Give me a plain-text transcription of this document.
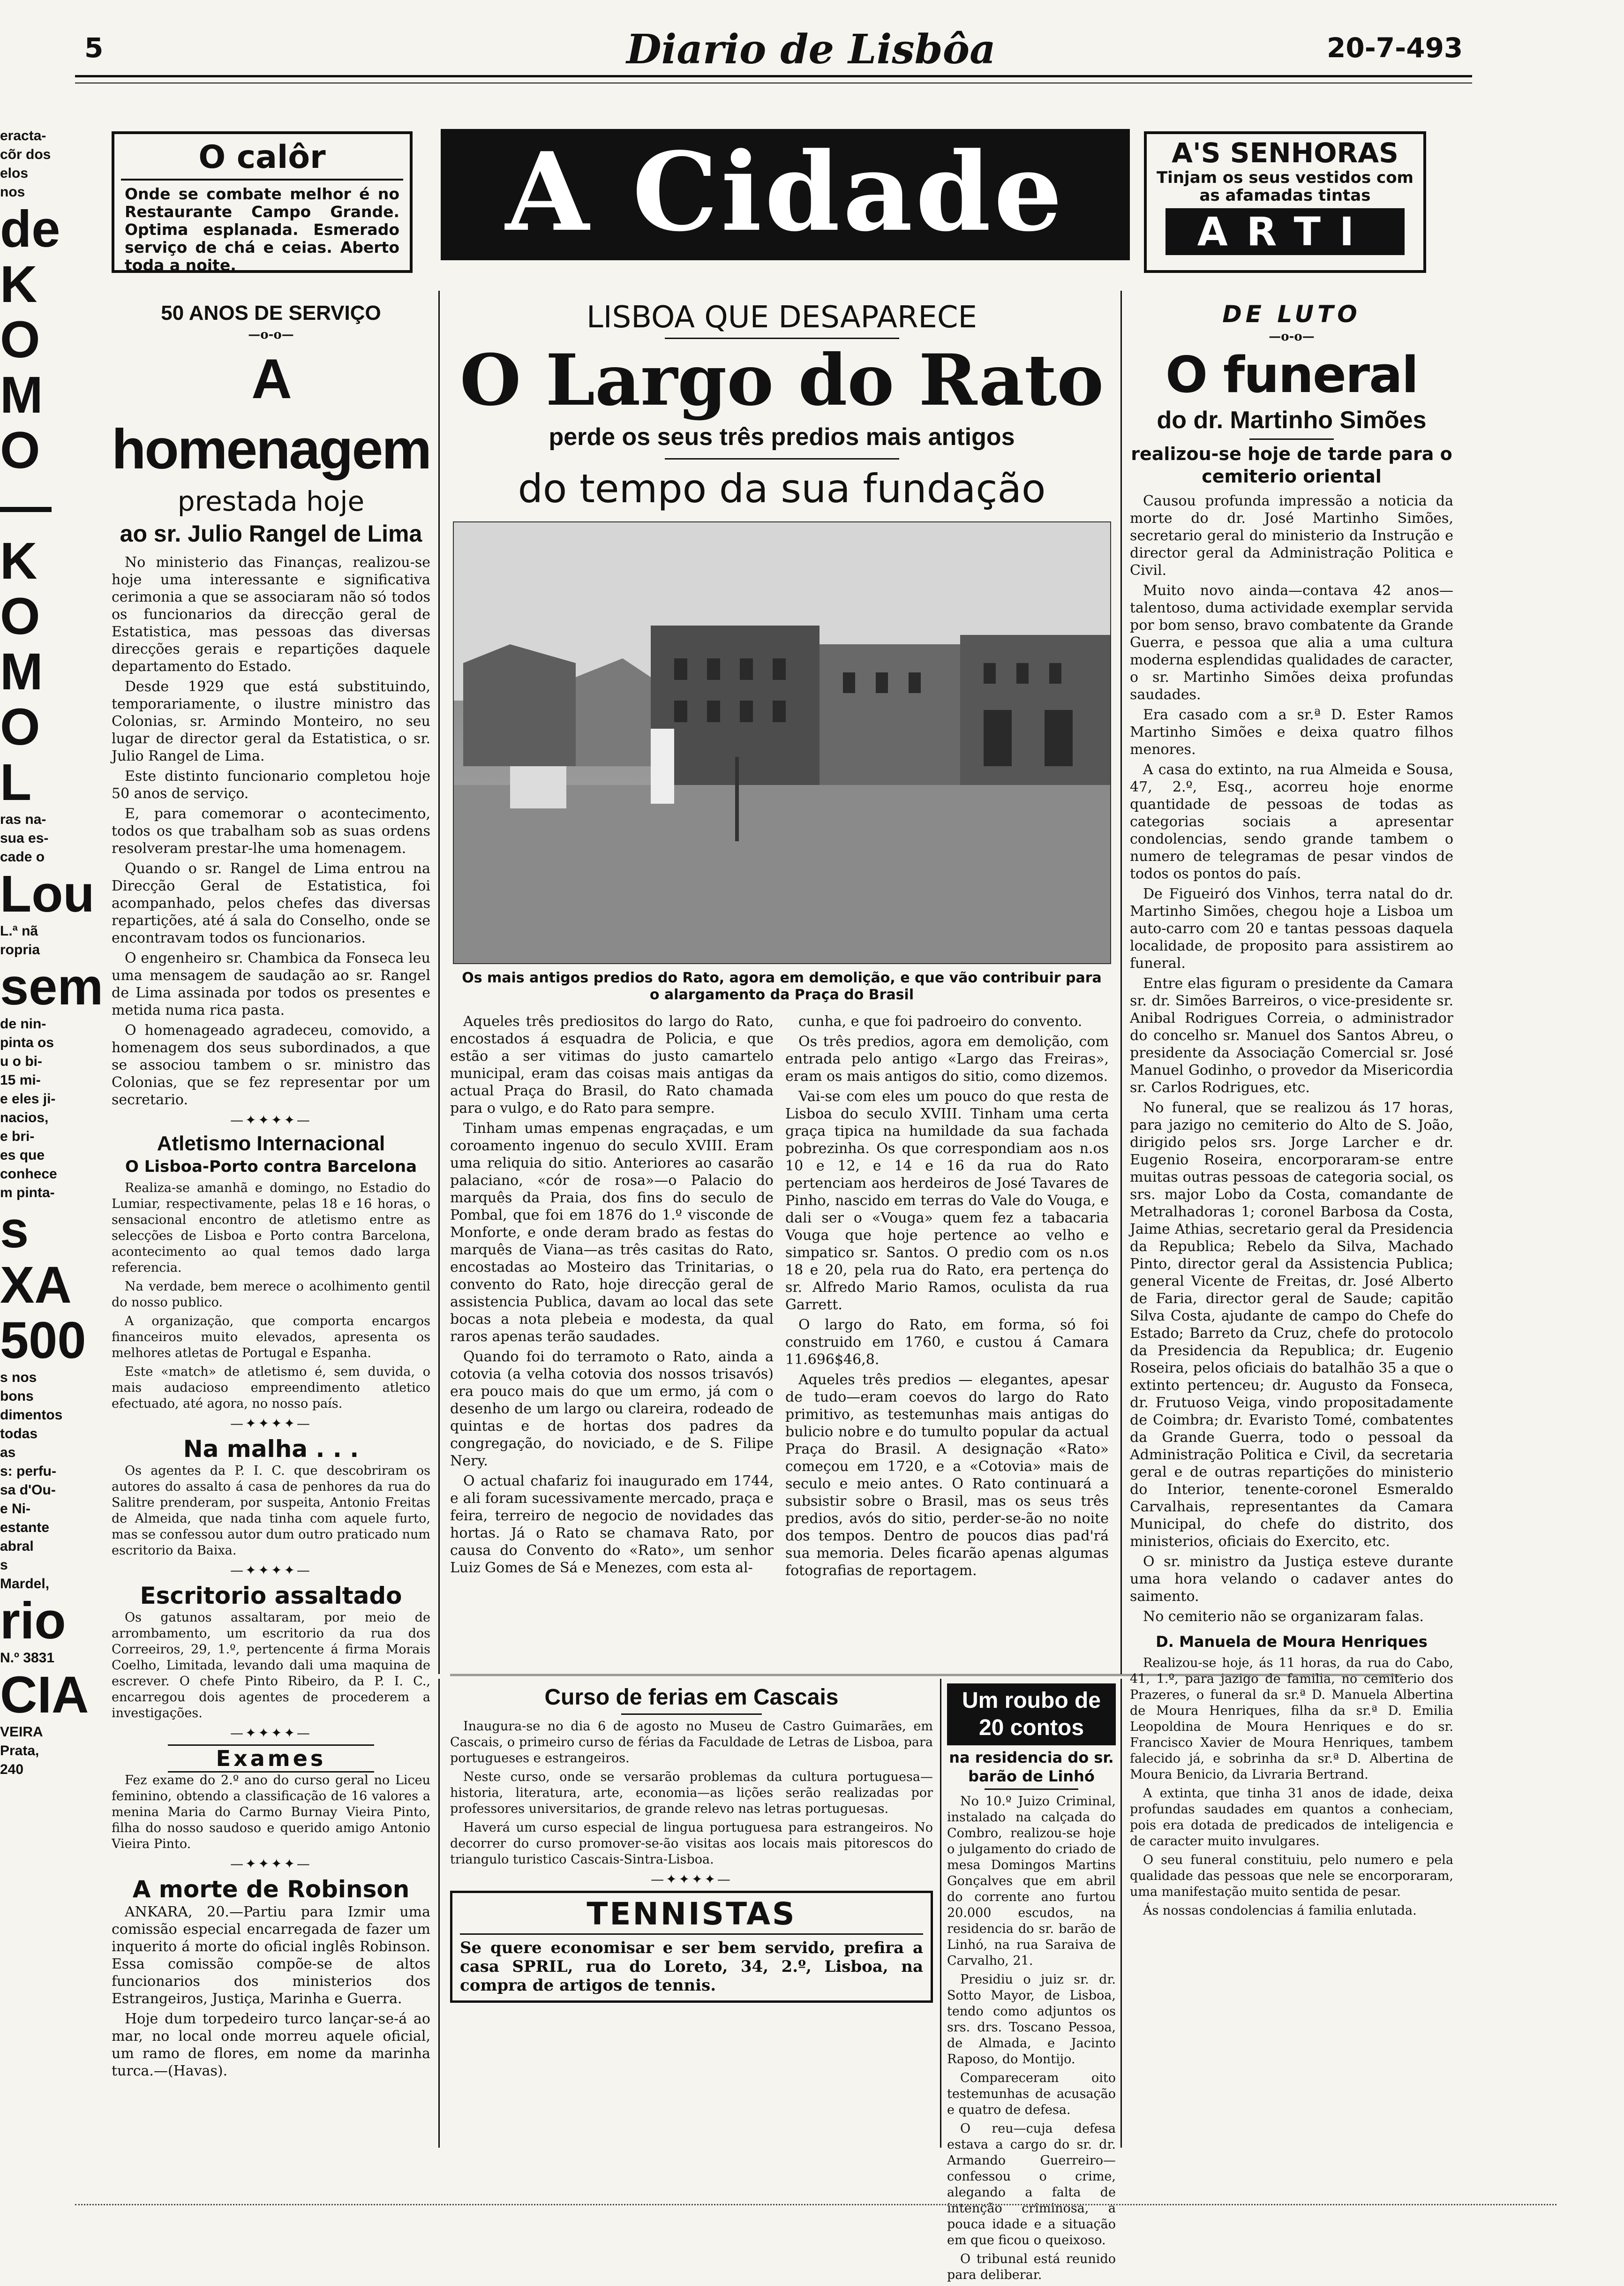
eracta-
cõr dos
elos nos
de
K
O
M
O
—
K
O
M
O
L
ras na-
sua es-
cade o
Lou
L.ª nã
ropria
sem
de nin-
pinta os
u o bi-
15 mi-
e eles ji-
nacios,
e bri-
es que
conhece
m pinta-
s
XA
500
s nos bons
dimentos
todas as
s: perfu-
sa d'Ou-
e Ni-
estante
abral
s Mardel,
rio
N.º 3831
CIA
VEIRA
Prata, 240
5	Diario de Lisbôa	20-7-493
O calôr
Onde se combate melhor é no Restaurante Campo Grande. Optima esplanada. Esmerado serviço de chá e ceias. Aberto toda a noite.
A Cidade	A'S SENHORAS
Tinjam os seus vestidos com as afamadas tintas
ARTI
50 ANOS DE SERVIÇO
—o-o—
A homenagem
prestada hoje
ao sr. Julio Rangel de Lima

No ministerio das Finanças, realizou-se hoje uma interessante e significativa cerimonia a que se associaram não só todos os funcionarios da direcção geral de Estatistica, mas pessoas das diversas direcções gerais e repartições daquele departamento do Estado.

Desde 1929 que está substituindo, temporariamente, o ilustre ministro das Colonias, sr. Armindo Monteiro, no seu lugar de director geral da Estatistica, o sr. Julio Rangel de Lima.

Este distinto funcionario completou hoje 50 anos de serviço.

E, para comemorar o acontecimento, todos os que trabalham sob as suas ordens resolveram prestar-lhe uma homenagem.

Quando o sr. Rangel de Lima entrou na Direcção Geral de Estatistica, foi acompanhado, pelos chefes das diversas repartições, até á sala do Conselho, onde se encontravam todos os funcionarios.

O engenheiro sr. Chambica da Fonseca leu uma mensagem de saudação ao sr. Rangel de Lima assinada por todos os presentes e metida numa rica pasta.

O homenageado agradeceu, comovido, a homenagem dos seus subordinados, a que se associou tambem o sr. ministro das Colonias, que se fez representar por um secretario.

—✦✦✦✦—
Atletismo Internacional
O Lisboa-Porto contra Barcelona

Realiza-se amanhã e domingo, no Estadio do Lumiar, respectivamente, pelas 18 e 16 horas, o sensacional encontro de atletismo entre as selecções de Lisboa e Porto contra Barcelona, acontecimento ao qual temos dado larga referencia.

Na verdade, bem merece o acolhimento gentil do nosso publico.

A organização, que comporta encargos financeiros muito elevados, apresenta os melhores atletas de Portugal e Espanha.

Este «match» de atletismo é, sem duvida, o mais audacioso empreendimento atletico efectuado, até agora, no nosso país.

—✦✦✦✦—
Na malha . . .

Os agentes da P. I. C. que descobriram os autores do assalto á casa de penhores da rua do Salitre prenderam, por suspeita, Antonio Freitas de Almeida, que nada tinha com aquele furto, mas se confessou autor dum outro praticado num escritorio da Baixa.

—✦✦✦✦—
Escritorio assaltado

Os gatunos assaltaram, por meio de arrombamento, um escritorio da rua dos Correeiros, 29, 1.º, pertencente á firma Morais Coelho, Limitada, levando dali uma maquina de escrever. O chefe Pinto Ribeiro, da P. I. C., encarregou dois agentes de procederem a investigações.

—✦✦✦✦—
Exames

Fez exame do 2.º ano do curso geral no Liceu feminino, obtendo a classificação de 16 valores a menina Maria do Carmo Burnay Vieira Pinto, filha do nosso saudoso e querido amigo Antonio Vieira Pinto.

—✦✦✦✦—
A morte de Robinson

ANKARA, 20.—Partiu para Izmir uma comissão especial encarregada de fazer um inquerito á morte do oficial inglês Robinson. Essa comissão compõe-se de altos funcionarios dos ministerios dos Estrangeiros, Justiça, Marinha e Guerra.

Hoje dum torpedeiro turco lançar-se-á ao mar, no local onde morreu aquele oficial, um ramo de flores, em nome da marinha turca.—(Havas).

LISBOA QUE DESAPARECE
O Largo do Rato
perde os seus três predios mais antigos
do tempo da sua fundação
Os mais antigos predios do Rato, agora em demolição, e que vão contribuir para o alargamento da Praça do Brasil

Aqueles três prediositos do largo do Rato, encostados á esquadra de Policia, e que estão a ser vitimas do justo camartelo municipal, eram das coisas mais antigas da actual Praça do Brasil, do Rato chamada para o vulgo, e do Rato para sempre.

Tinham umas empenas engraçadas, e um coroamento ingenuo do seculo XVIII. Eram uma reliquia do sitio. Anteriores ao casarão palaciano, «cór de rosa»—o Palacio do marquês da Praia, dos fins do seculo de Pombal, que foi em 1876 do 1.º visconde de Monforte, e onde deram brado as festas do marquês de Viana—as três casitas do Rato, encostadas ao Mosteiro das Trinitarias, o convento do Rato, hoje direcção geral de assistencia Publica, davam ao local das sete bocas a nota plebeia e modesta, da qual raros apenas terão saudades.

Quando foi do terramoto o Rato, ainda a cotovia (a velha cotovia dos nossos trisavós) era pouco mais do que um ermo, já com o desenho de um largo ou clareira, rodeado de quintas e de hortas dos padres da congregação, do noviciado, e de S. Filipe Nery.

O actual chafariz foi inaugurado em 1744, e ali foram sucessivamente mercado, praça e feira, terreiro de negocio de novidades das hortas. Já o Rato se chamava Rato, por causa do Convento do «Rato», um senhor Luiz Gomes de Sá e Menezes, com esta al-

cunha, e que foi padroeiro do convento.

Os três predios, agora em demolição, com entrada pelo antigo «Largo das Freiras», eram os mais antigos do sitio, como dizemos.

Vai-se com eles um pouco do que resta de Lisboa do seculo XVIII. Tinham uma certa graça tipica na humildade da sua fachada pobrezinha. Os que correspondiam aos n.os 10 e 12, e 14 e 16 da rua do Rato pertenciam aos herdeiros de José Tavares de Pinho, nascido em terras do Vale do Vouga, e dali ser o «Vouga» quem fez a tabacaria Vouga que hoje pertence ao velho e simpatico sr. Santos. O predio com os n.os 18 e 20, pela rua do Rato, era pertença do sr. Alfredo Mario Ramos, oculista da rua Garrett.

O largo do Rato, em forma, só foi construido em 1760, e custou á Camara 11.696$46,8.

Aqueles três predios — elegantes, apesar de tudo—eram coevos do largo do Rato primitivo, as testemunhas mais antigas do bulicio nobre e do tumulto popular da actual Praça do Brasil. A designação «Rato» começou em 1720, e a «Cotovia» mais de seculo e meio antes. O Rato continuará a subsistir sobre o Brasil, mas os seus três predios, avós do sitio, perder-se-ão no noite dos tempos. Dentro de poucos dias pad'rá sua memoria. Deles ficarão apenas algumas fotografias de reportagem.

Curso de ferias em Cascais

Inaugura-se no dia 6 de agosto no Museu de Castro Guimarães, em Cascais, o primeiro curso de férias da Faculdade de Letras de Lisboa, para portugueses e estrangeiros.

Neste curso, onde se versarão problemas da cultura portuguesa—historia, literatura, arte, economia—as lições serão realizadas por professores universitarios, de grande relevo nas letras portuguesas.

Haverá um curso especial de lingua portuguesa para estrangeiros. No decorrer do curso promover-se-ão visitas aos locais mais pitorescos do triangulo turistico Cascais-Sintra-Lisboa.

—✦✦✦✦—
TENNISTAS

Se quere economisar e ser bem servido, prefira a casa SPRIL, rua do Loreto, 34, 2.º, Lisboa, na compra de artigos de tennis.

Um roubo de 20 contos
na residencia do sr. barão de Linhó

No 10.º Juizo Criminal, instalado na calçada do Combro, realizou-se hoje o julgamento do criado de mesa Domingos Martins Gonçalves que em abril do corrente ano furtou 20.000 escudos, na residencia do sr. barão de Linhó, na rua Saraiva de Carvalho, 21.

Presidiu o juiz sr. dr. Sotto Mayor, de Lisboa, tendo como adjuntos os srs. drs. Toscano Pessoa, de Almada, e Jacinto Raposo, do Montijo.

Compareceram oito testemunhas de acusação e quatro de defesa.

O reu—cuja defesa estava a cargo do sr. dr. Armando Guerreiro—confessou o crime, alegando a falta de intenção criminosa, a pouca idade e a situação em que ficou o queixoso.

O tribunal está reunido para deliberar.

DE LUTO
—o-o—
O funeral
do dr. Martinho Simões
realizou-se hoje de tarde para o cemiterio oriental

Causou profunda impressão a noticia da morte do dr. José Martinho Simões, secretario geral do ministerio da Instrução e director geral da Administração Politica e Civil.

Muito novo ainda—contava 42 anos—talentoso, duma actividade exemplar servida por bom senso, bravo combatente da Grande Guerra, e pessoa que alia a uma cultura moderna esplendidas qualidades de caracter, o sr. Martinho Simões deixa profundas saudades.

Era casado com a sr.ª D. Ester Ramos Martinho Simões e deixa quatro filhos menores.

A casa do extinto, na rua Almeida e Sousa, 47, 2.º, Esq., acorreu hoje enorme quantidade de pessoas de todas as categorias sociais a apresentar condolencias, sendo grande tambem o numero de telegramas de pesar vindos de todos os pontos do país.

De Figueiró dos Vinhos, terra natal do dr. Martinho Simões, chegou hoje a Lisboa um auto-carro com 20 e tantas pessoas daquela localidade, de proposito para assistirem ao funeral.

Entre elas figuram o presidente da Camara sr. dr. Simões Barreiros, o vice-presidente sr. Anibal Rodrigues Correia, o administrador do concelho sr. Manuel dos Santos Abreu, o presidente da Associação Comercial sr. José Manuel Godinho, o provedor da Misericordia sr. Carlos Rodrigues, etc.

No funeral, que se realizou ás 17 horas, para jazigo no cemiterio do Alto de S. João, dirigido pelos srs. Jorge Larcher e dr. Eugenio Roseira, encorporaram-se entre muitas outras pessoas de categoria social, os srs. major Lobo da Costa, comandante de Metralhadoras 1; coronel Barbosa da Costa, Jaime Athias, secretario geral da Presidencia da Republica; Rebelo da Silva, Machado Pinto, director geral da Assistencia Publica; general Vicente de Freitas, dr. José Alberto de Faria, director geral de Saude; capitão Silva Costa, ajudante de campo do Chefe do Estado; Barreto da Cruz, chefe do protocolo da Presidencia da Republica; dr. Eugenio Roseira, pelos oficiais do batalhão 35 a que o extinto pertenceu; dr. Augusto da Fonseca, dr. Frutuoso Veiga, vindo propositadamente de Coimbra; dr. Evaristo Tomé, combatentes da Grande Guerra, todo o pessoal da Administração Politica e Civil, da secretaria geral e de outras repartições do ministerio do Interior, tenente-coronel Esmeraldo Carvalhais, representantes da Camara Municipal, do chefe do distrito, dos ministerios, oficiais do Exercito, etc.

O sr. ministro da Justiça esteve durante uma hora velando o cadaver antes do saimento.

No cemiterio não se organizaram falas.

D. Manuela de Moura Henriques

Realizou-se hoje, ás 11 horas, da rua do Cabo, 41, 1.º, para jazigo de familia, no cemiterio dos Prazeres, o funeral da sr.ª D. Manuela Albertina de Moura Henriques, filha da sr.ª D. Emilia Leopoldina de Moura Henriques e do sr. Francisco Xavier de Moura Henriques, tambem falecido já, e sobrinha da sr.ª D. Albertina de Moura Benicio, da Livraria Bertrand.

A extinta, que tinha 31 anos de idade, deixa profundas saudades em quantos a conheciam, pois era dotada de predicados de inteligencia e de caracter muito invulgares.

O seu funeral constituiu, pelo numero e pela qualidade das pessoas que nele se encorporaram, uma manifestação muito sentida de pesar.

Ás nossas condolencias á familia enlutada.
